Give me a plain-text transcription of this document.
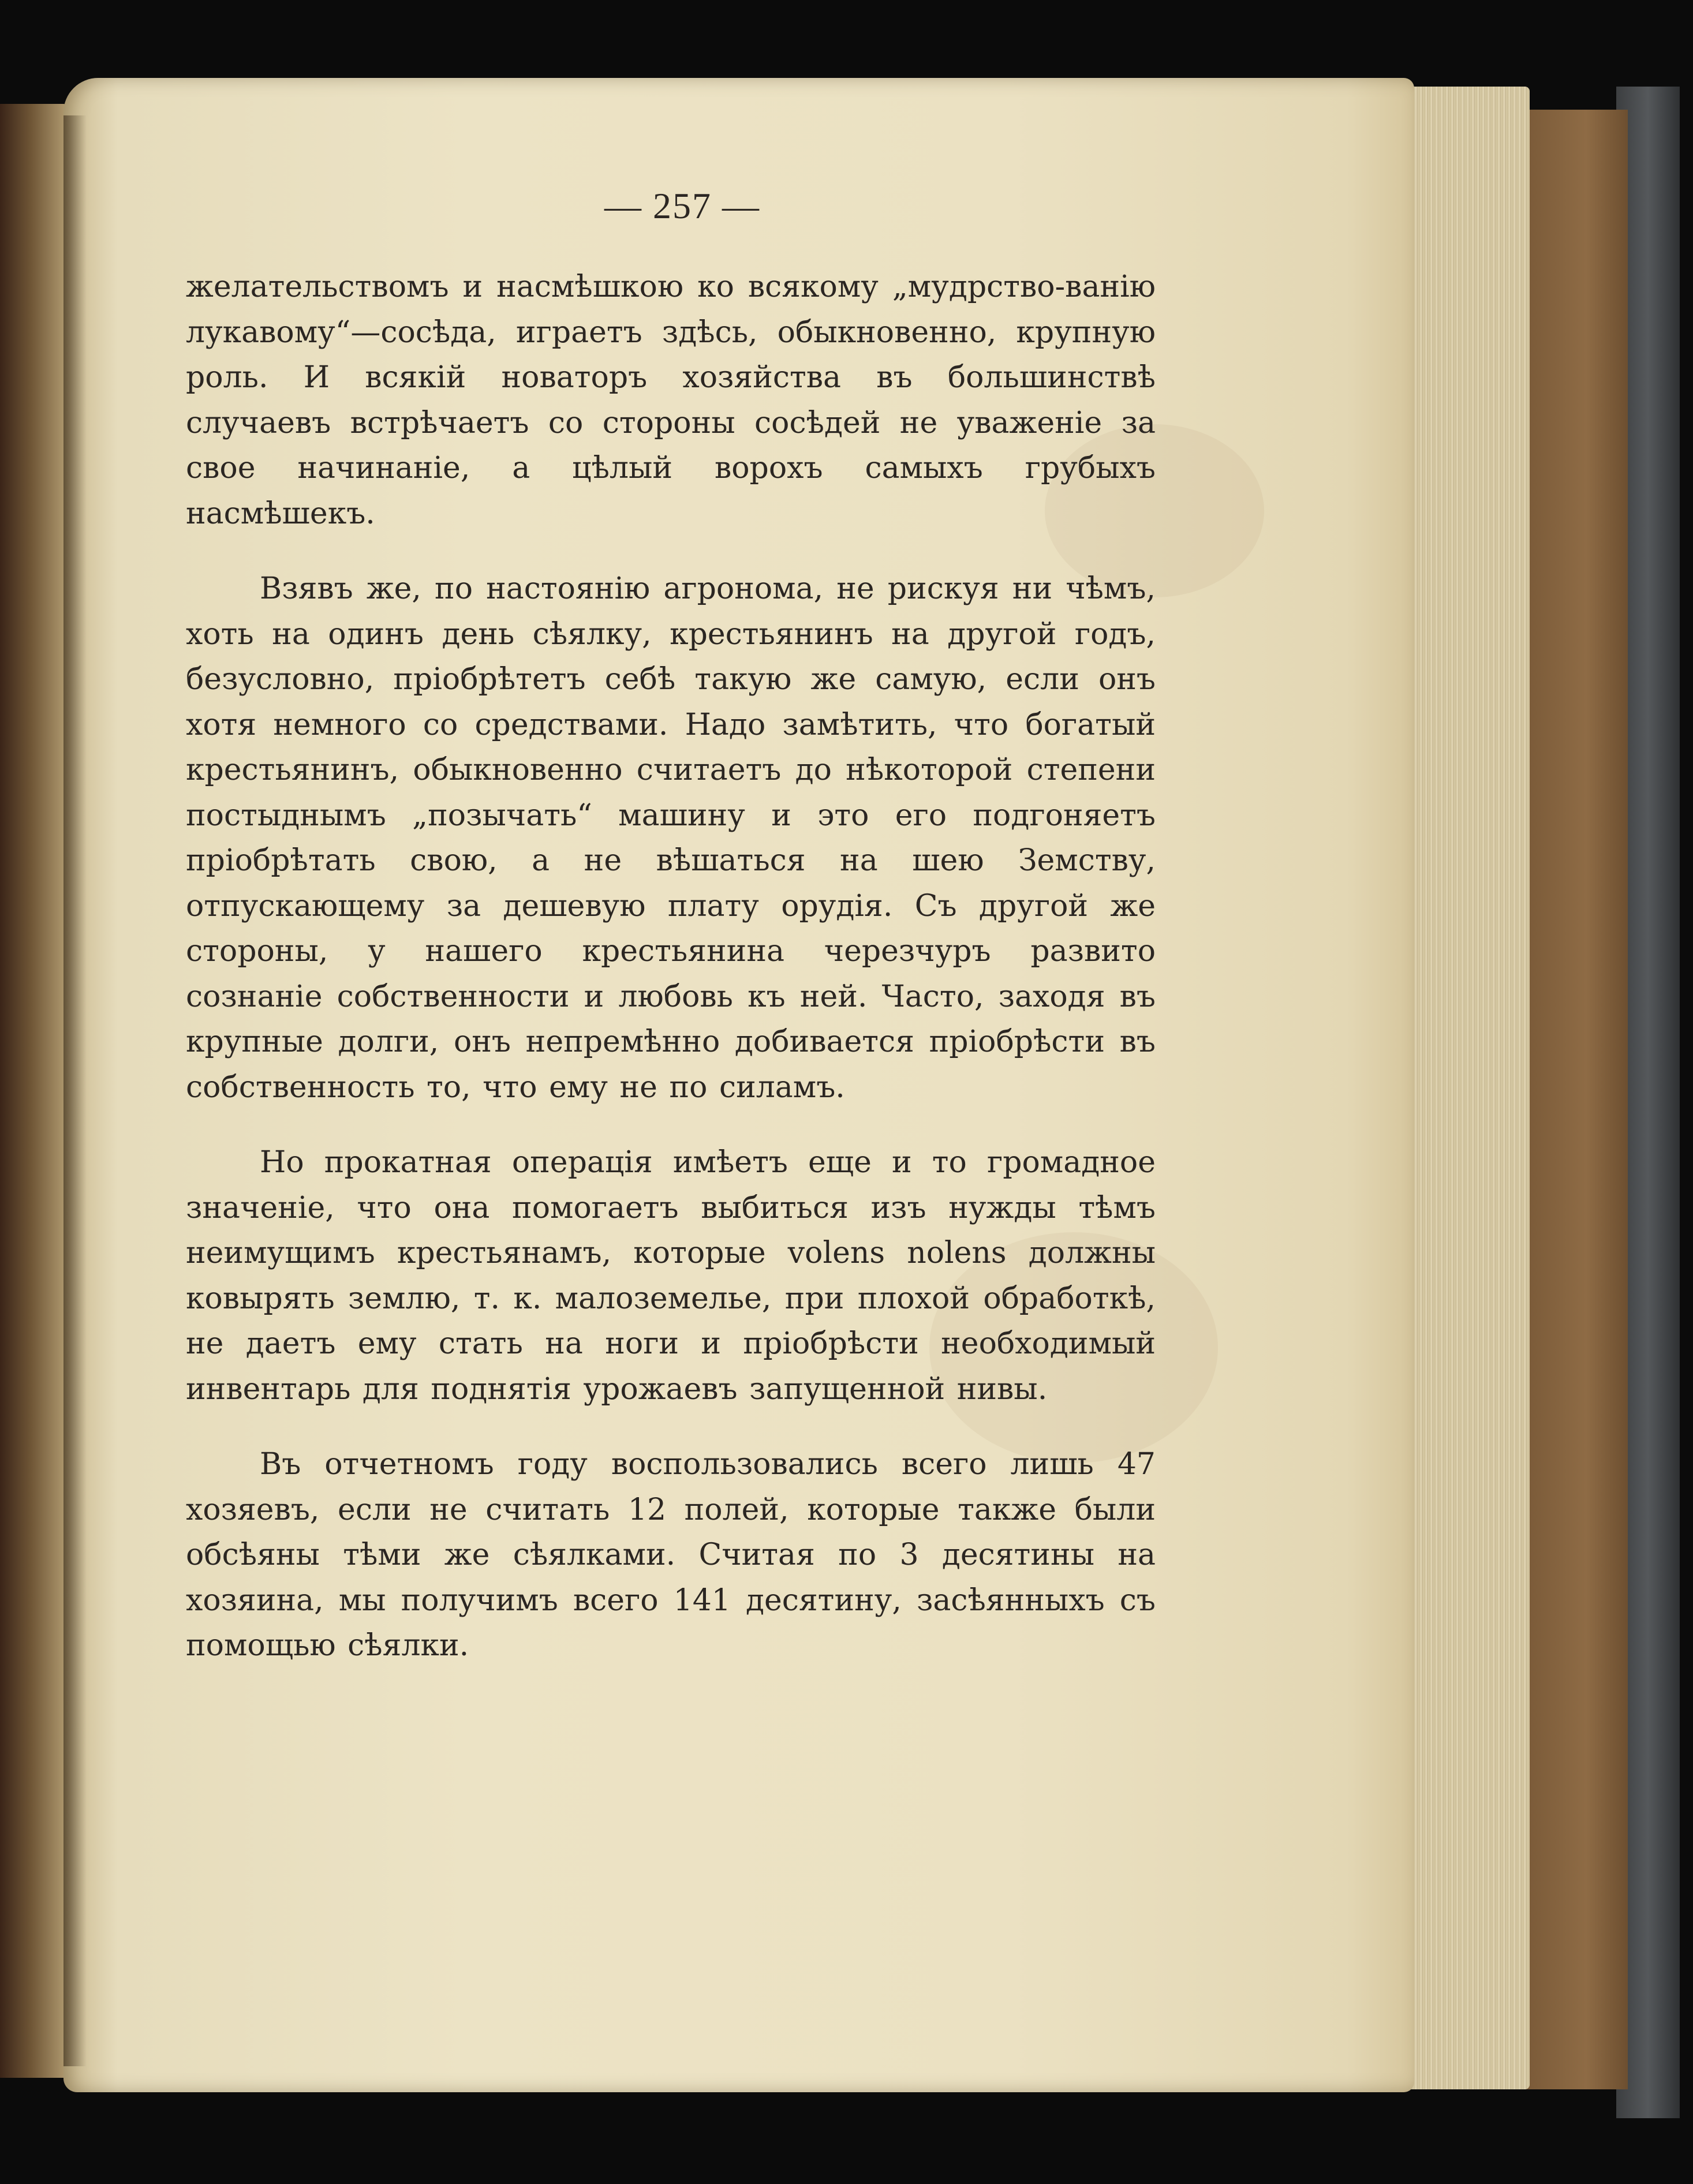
— 257 —

желательствомъ и насмѣшкою ко всякому „мудрство-ванію лукавому“—сосѣда, играетъ здѣсь, обыкновенно, крупную роль. И всякій новаторъ хозяйства въ большинствѣ случаевъ встрѣчаетъ со стороны сосѣдей не уваженіе за свое начинаніе, а цѣлый ворохъ самыхъ грубыхъ насмѣшекъ.

Взявъ же, по настоянію агронома, не рискуя ни чѣмъ, хоть на одинъ день сѣялку, крестьянинъ на другой годъ, безусловно, пріобрѣтетъ себѣ такую же самую, если онъ хотя немного со средствами. Надо замѣтить, что богатый крестьянинъ, обыкновенно считаетъ до нѣкоторой степени постыднымъ „позычать“ машину и это его подгоняетъ пріобрѣтать свою, а не вѣшаться на шею Земству, отпускающему за дешевую плату орудія. Съ другой же стороны, у нашего крестьянина черезчуръ развито сознаніе собственности и любовь къ ней. Часто, заходя въ крупные долги, онъ непремѣнно добивается пріобрѣсти въ собственность то, что ему не по силамъ.

Но прокатная операція имѣетъ еще и то громадное значеніе, что она помогаетъ выбиться изъ нужды тѣмъ неимущимъ крестьянамъ, которые volens nolens должны ковырять землю, т. к. малоземелье, при плохой обработкѣ, не даетъ ему стать на ноги и пріобрѣсти необходимый инвентарь для поднятія урожаевъ запущенной нивы.

Въ отчетномъ году воспользовались всего лишь 47 хозяевъ, если не считать 12 полей, которые также были обсѣяны тѣми же сѣялками. Считая по 3 десятины на хозяина, мы получимъ всего 141 десятину, засѣянныхъ съ помощью сѣялки.
